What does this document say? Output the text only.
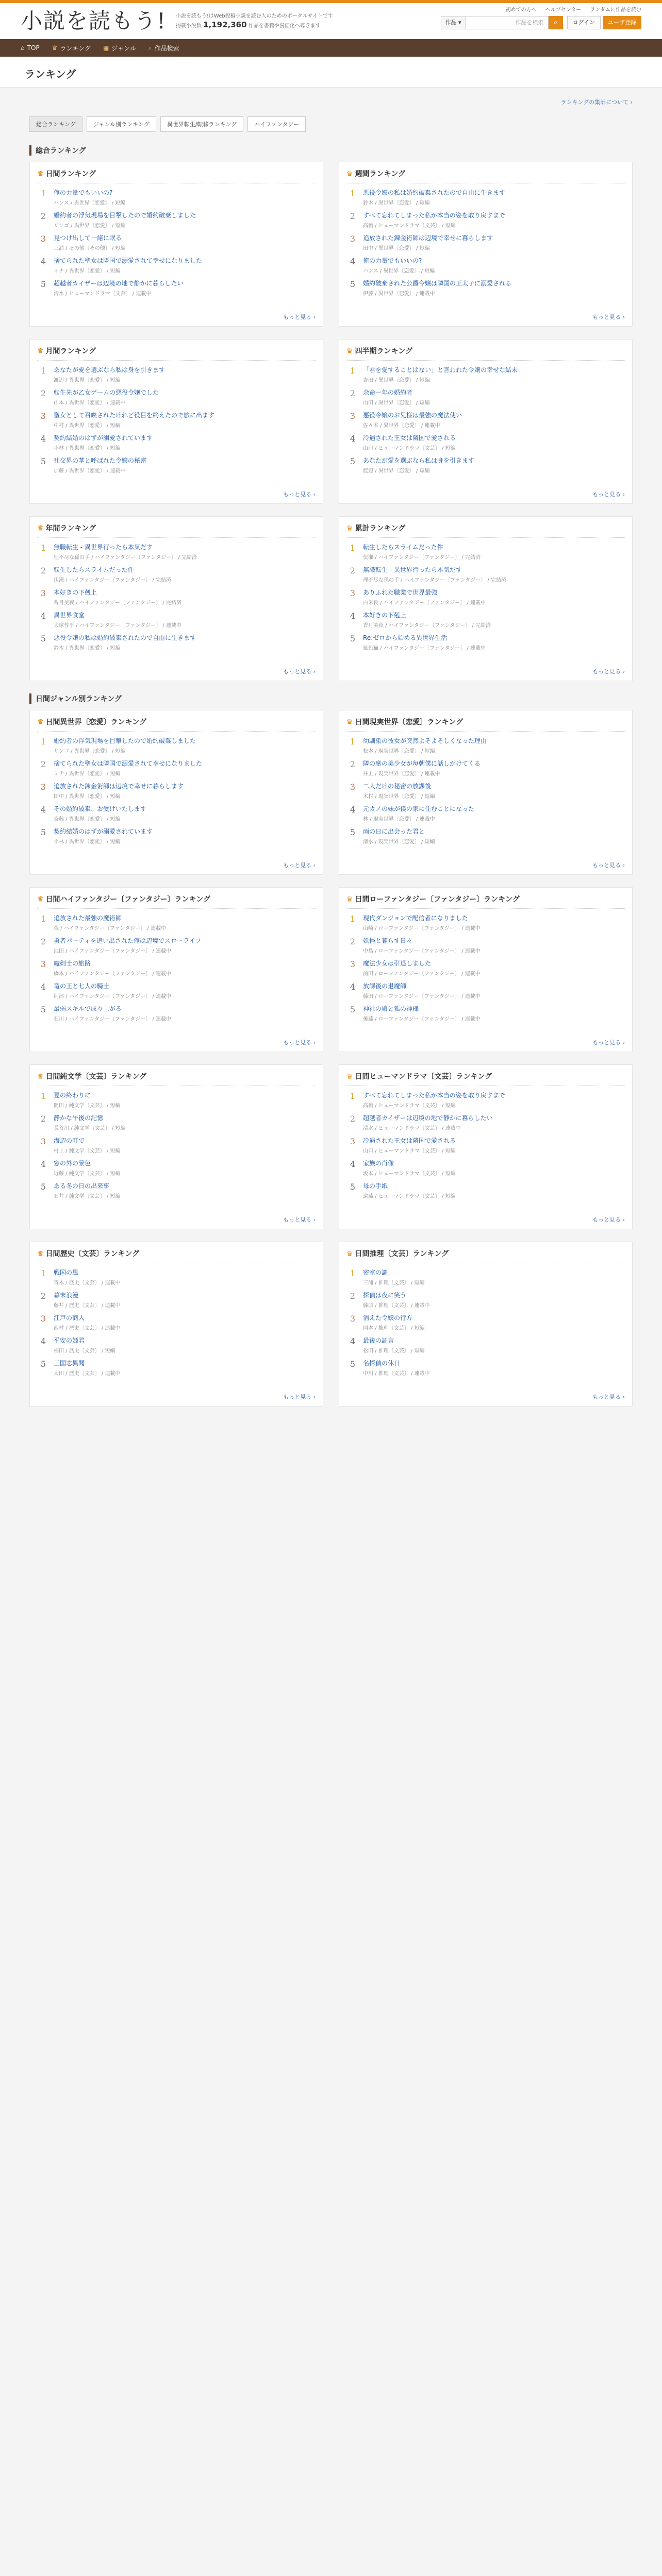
小説を読もう! 小説を読もう!はWeb投稿小説を読む人のためのポータルサイトです
掲載小説数 1,192,360 作品を書籍や漫画化へ導きます
初めての方へ ヘルプセンター ランダムに作品を読む
作品 ▾	作品を検索	⌕	ログイン	ユーザ登録
⌂ TOP ♛ ランキング ▦ ジャンル ⌕ 作品検索
ランキング
ランキングの集計について ›
総合ランキング	ジャンル別ランキング	異世界転生/転移ランキング	ハイファンタジー
総合ランキング
♛ 日間ランキング
1	俺の力量でもいいの?
ハンス / 異世界〔恋愛〕 / 短編
2	婚約者の浮気現場を目撃したので婚約破棄しました
リンゴ / 異世界〔恋愛〕 / 短編
3	見つけ出して一緒に眠る
三浦 / その他〔その他〕 / 短編
4	捨てられた聖女は隣国で溺愛されて幸せになりました
ミナ / 異世界〔恋愛〕 / 短編
5	超越者カイザーは辺境の地で静かに暮らしたい
清水 / ヒューマンドラマ〔文芸〕 / 連載中
もっと見る ›
♛ 週間ランキング
1	悪役令嬢の私は婚約破棄されたので自由に生きます
鈴木 / 異世界〔恋愛〕 / 短編
2	すべて忘れてしまった私が本当の姿を取り戻すまで
高橋 / ヒューマンドラマ〔文芸〕 / 短編
3	追放された錬金術師は辺境で幸せに暮らします
田中 / 異世界〔恋愛〕 / 短編
4	俺の力量でもいいの?
ハンス / 異世界〔恋愛〕 / 短編
5	婚約破棄された公爵令嬢は隣国の王太子に溺愛される
伊藤 / 異世界〔恋愛〕 / 連載中
もっと見る ›
♛ 月間ランキング
1	あなたが愛を選ぶなら私は身を引きます
渡辺 / 異世界〔恋愛〕 / 短編
2	転生先が乙女ゲームの悪役令嬢でした
山本 / 異世界〔恋愛〕 / 連載中
3	聖女として召喚されたけれど役目を終えたので旅に出ます
中村 / 異世界〔恋愛〕 / 短編
4	契約結婚のはずが溺愛されています
小林 / 異世界〔恋愛〕 / 短編
5	社交界の華と呼ばれた令嬢の秘密
加藤 / 異世界〔恋愛〕 / 連載中
もっと見る ›
♛ 四半期ランキング
1	「君を愛することはない」と言われた令嬢の幸せな結末
吉田 / 異世界〔恋愛〕 / 短編
2	余命一年の婚約者
山田 / 異世界〔恋愛〕 / 短編
3	悪役令嬢のお兄様は最強の魔法使い
佐々木 / 異世界〔恋愛〕 / 連載中
4	冷遇された王女は隣国で愛される
山口 / ヒューマンドラマ〔文芸〕 / 短編
5	あなたが愛を選ぶなら私は身を引きます
渡辺 / 異世界〔恋愛〕 / 短編
もっと見る ›
♛ 年間ランキング
1	無職転生 - 異世界行ったら本気だす
理不尽な孫の手 / ハイファンタジー〔ファンタジー〕 / 完結済
2	転生したらスライムだった件
伏瀬 / ハイファンタジー〔ファンタジー〕 / 完結済
3	本好きの下剋上
香月美夜 / ハイファンタジー〔ファンタジー〕 / 完結済
4	異世界食堂
犬塚惇平 / ハイファンタジー〔ファンタジー〕 / 連載中
5	悪役令嬢の私は婚約破棄されたので自由に生きます
鈴木 / 異世界〔恋愛〕 / 短編
もっと見る ›
♛ 累計ランキング
1	転生したらスライムだった件
伏瀬 / ハイファンタジー〔ファンタジー〕 / 完結済
2	無職転生 - 異世界行ったら本気だす
理不尽な孫の手 / ハイファンタジー〔ファンタジー〕 / 完結済
3	ありふれた職業で世界最強
白米良 / ハイファンタジー〔ファンタジー〕 / 連載中
4	本好きの下剋上
香月美夜 / ハイファンタジー〔ファンタジー〕 / 完結済
5	Re:ゼロから始める異世界生活
鼠色猫 / ハイファンタジー〔ファンタジー〕 / 連載中
もっと見る ›
日間ジャンル別ランキング
♛ 日間異世界〔恋愛〕ランキング
1	婚約者の浮気現場を目撃したので婚約破棄しました
リンゴ / 異世界〔恋愛〕 / 短編
2	捨てられた聖女は隣国で溺愛されて幸せになりました
ミナ / 異世界〔恋愛〕 / 短編
3	追放された錬金術師は辺境で幸せに暮らします
田中 / 異世界〔恋愛〕 / 短編
4	その婚約破棄、お受けいたします
斎藤 / 異世界〔恋愛〕 / 短編
5	契約結婚のはずが溺愛されています
小林 / 異世界〔恋愛〕 / 短編
もっと見る ›
♛ 日間現実世界〔恋愛〕ランキング
1	幼馴染の彼女が突然よそよそしくなった理由
松本 / 現実世界〔恋愛〕 / 短編
2	隣の席の美少女が毎朝僕に話しかけてくる
井上 / 現実世界〔恋愛〕 / 連載中
3	二人だけの秘密の放課後
木村 / 現実世界〔恋愛〕 / 短編
4	元カノの妹が僕の家に住むことになった
林 / 現実世界〔恋愛〕 / 連載中
5	雨の日に出会った君と
清水 / 現実世界〔恋愛〕 / 短編
もっと見る ›
♛ 日間ハイファンタジー〔ファンタジー〕ランキング
1	追放された最強の魔術師
森 / ハイファンタジー〔ファンタジー〕 / 連載中
2	勇者パーティを追い出された俺は辺境でスローライフ
池田 / ハイファンタジー〔ファンタジー〕 / 連載中
3	魔剣士の旅路
橋本 / ハイファンタジー〔ファンタジー〕 / 連載中
4	竜の王と七人の騎士
阿部 / ハイファンタジー〔ファンタジー〕 / 連載中
5	最弱スキルで成り上がる
石川 / ハイファンタジー〔ファンタジー〕 / 連載中
もっと見る ›
♛ 日間ローファンタジー〔ファンタジー〕ランキング
1	現代ダンジョンで配信者になりました
山崎 / ローファンタジー〔ファンタジー〕 / 連載中
2	妖怪と暮らす日々
中島 / ローファンタジー〔ファンタジー〕 / 連載中
3	魔法少女は引退しました
前田 / ローファンタジー〔ファンタジー〕 / 連載中
4	放課後の退魔師
藤田 / ローファンタジー〔ファンタジー〕 / 連載中
5	神社の娘と狐の神様
後藤 / ローファンタジー〔ファンタジー〕 / 連載中
もっと見る ›
♛ 日間純文学〔文芸〕ランキング
1	夏の終わりに
岡田 / 純文学〔文芸〕 / 短編
2	静かな午後の記憶
長谷川 / 純文学〔文芸〕 / 短編
3	海辺の町で
村上 / 純文学〔文芸〕 / 短編
4	窓の外の景色
近藤 / 純文学〔文芸〕 / 短編
5	ある冬の日の出来事
石井 / 純文学〔文芸〕 / 短編
もっと見る ›
♛ 日間ヒューマンドラマ〔文芸〕ランキング
1	すべて忘れてしまった私が本当の姿を取り戻すまで
高橋 / ヒューマンドラマ〔文芸〕 / 短編
2	超越者カイザーは辺境の地で静かに暮らしたい
清水 / ヒューマンドラマ〔文芸〕 / 連載中
3	冷遇された王女は隣国で愛される
山口 / ヒューマンドラマ〔文芸〕 / 短編
4	家族の肖像
坂本 / ヒューマンドラマ〔文芸〕 / 短編
5	母の手紙
遠藤 / ヒューマンドラマ〔文芸〕 / 短編
もっと見る ›
♛ 日間歴史〔文芸〕ランキング
1	戦国の風
青木 / 歴史〔文芸〕 / 連載中
2	幕末浪漫
藤井 / 歴史〔文芸〕 / 連載中
3	江戸の商人
西村 / 歴史〔文芸〕 / 連載中
4	平安の姫君
福田 / 歴史〔文芸〕 / 短編
5	三国志異聞
太田 / 歴史〔文芸〕 / 連載中
もっと見る ›
♛ 日間推理〔文芸〕ランキング
1	密室の謎
三浦 / 推理〔文芸〕 / 短編
2	探偵は夜に笑う
藤原 / 推理〔文芸〕 / 連載中
3	消えた令嬢の行方
岡本 / 推理〔文芸〕 / 短編
4	最後の証言
松田 / 推理〔文芸〕 / 短編
5	名探偵の休日
中川 / 推理〔文芸〕 / 連載中
もっと見る ›
